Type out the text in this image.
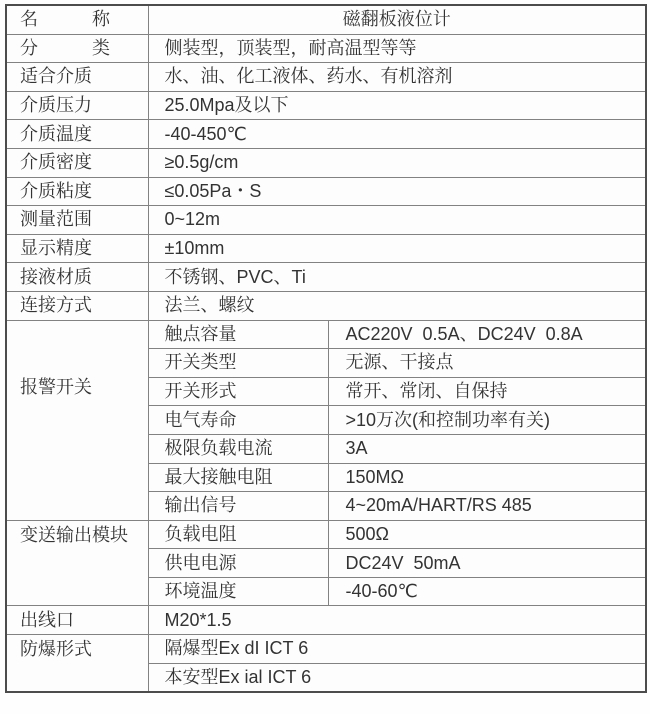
名　　　称	磁翻板液位计	
分　　　类	侧装型，顶装型，耐高温型等等	
适合介质	水、油、化工液体、药水、有机溶剂	
介质压力	25.0Mpa及以下	
介质温度	-40-450℃	
介质密度	≥0.5g/cm	
介质粘度	≤0.05Pa・S	
测量范围	0~12m	
显示精度	±10mm	
接液材质	不锈钢、PVC、Ti	
连接方式	法兰、螺纹	
报警开关	触点容量	AC220V  0.5A、DC24V  0.8A
	开关类型	无源、干接点
	开关形式	常开、常闭、自保持
	电气寿命	>10万次(和控制功率有关)
	极限负载电流	3A
	最大接触电阻	150MΩ
	输出信号	4~20mA/HART/RS 485
变送输出模块	负载电阻	500Ω
	供电电源	DC24V  50mA
	环境温度	-40-60℃
出线口	M20*1.5	
防爆形式	隔爆型Ex dI ICT 6	
	本安型Ex ial ICT 6	
